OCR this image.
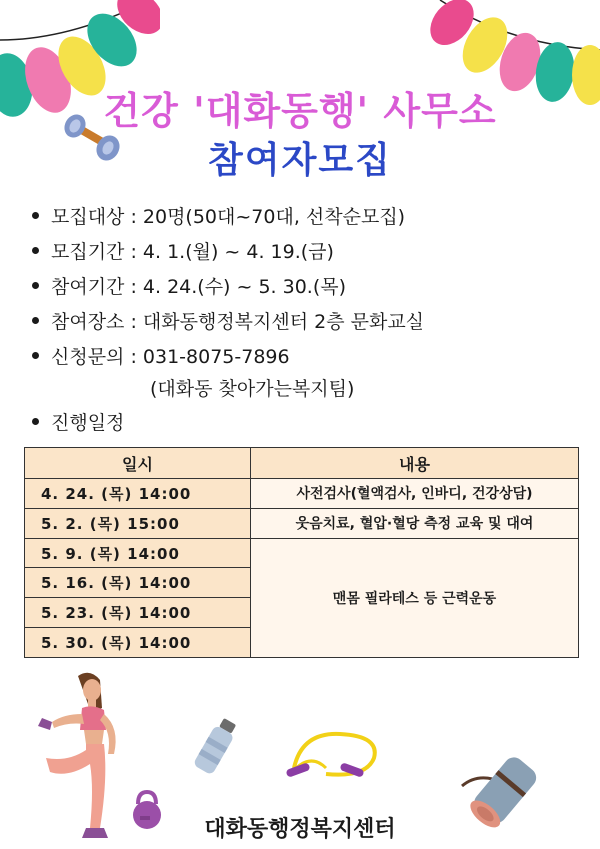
건강 '대화동행' 사무소
참여자모집
모집대상 : 20명(50대~70대, 선착순모집)
모집기간 : 4. 1.(월) ~ 4. 19.(금)
참여기간 : 4. 24.(수) ~ 5. 30.(목)
참여장소 : 대화동행정복지센터 2층 문화교실
신청문의 : 031-8075-7896
(대화동 찾아가는복지팀)
진행일정
일시	내용
4. 24. (목) 14:00	사전검사(혈액검사, 인바디, 건강상담)
5. 2. (목) 15:00	웃음치료, 혈압·혈당 측정 교육 및 대여
5. 9. (목) 14:00	맨몸 필라테스 등 근력운동
5. 16. (목) 14:00	
5. 23. (목) 14:00	
5. 30. (목) 14:00	
대화동행정복지센터
